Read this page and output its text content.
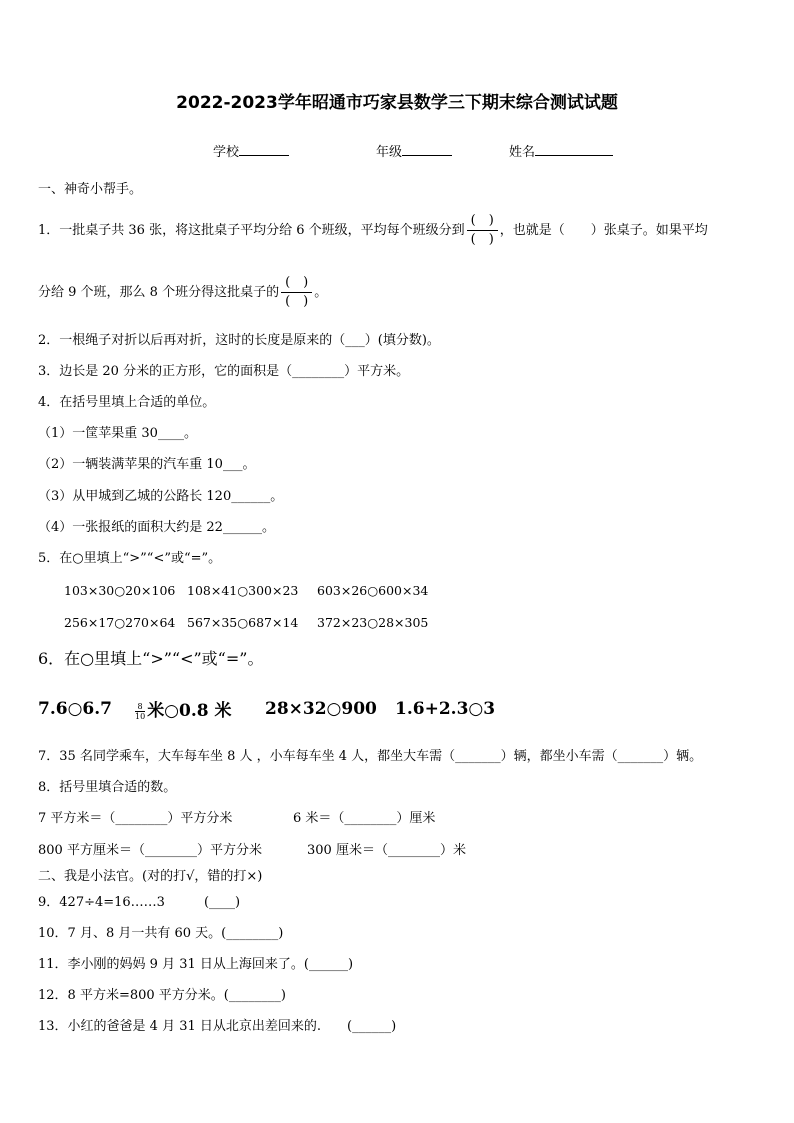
2022-2023学年昭通市巧家县数学三下期末综合测试试题
学校	年级	姓名
一、神奇小帮手。
1．一批桌子共 36 张，将这批桌子平均分给 6 个班级，平均每个班级分到 $\frac{( )}{( )}$ ，也就是（　　）张桌子。如果平均
分给 9 个班，那么 8 个班分得这批桌子的 $\frac{( )}{( )}$ 。
2．一根绳子对折以后再对折，这时的长度是原来的（___）(填分数)。
3．边长是 20 分米的正方形，它的面积是（________）平方米。
4．在括号里填上合适的单位。
（1）一筐苹果重 30____。
（2）一辆装满苹果的汽车重 10___。
（3）从甲城到乙城的公路长 120______。
（4）一张报纸的面积大约是 22______。
5．在○里填上“>”“<”或“=”。
103×30○20×106 108×41○300×23 603×26○600×34
256×17○270×64 567×35○687×14 372×23○28×305
6．在○里填上“>”“<”或“=”。
7.6○6.7	$\frac{8}{10}$ 米○0.8 米 28×32○900 1.6+2.3○3
7．35 名同学乘车，大车每车坐 8 人 ，小车每车坐 4 人，都坐大车需（_______）辆，都坐小车需（_______）辆。
8．括号里填合适的数。
7 平方米＝（________）平方分米	6 米＝（________）厘米
800 平方厘米＝（________）平方分米	300 厘米＝（________）米
二、我是小法官。(对的打√，错的打×)
9．427÷4=16……3　　　(____)
10．7 月、8 月一共有 60 天。(________)
11．李小刚的妈妈 9 月 31 日从上海回来了。(______)
12．8 平方米=800 平方分米。(________)
13．小红的爸爸是 4 月 31 日从北京出差回来的.　　(______)
